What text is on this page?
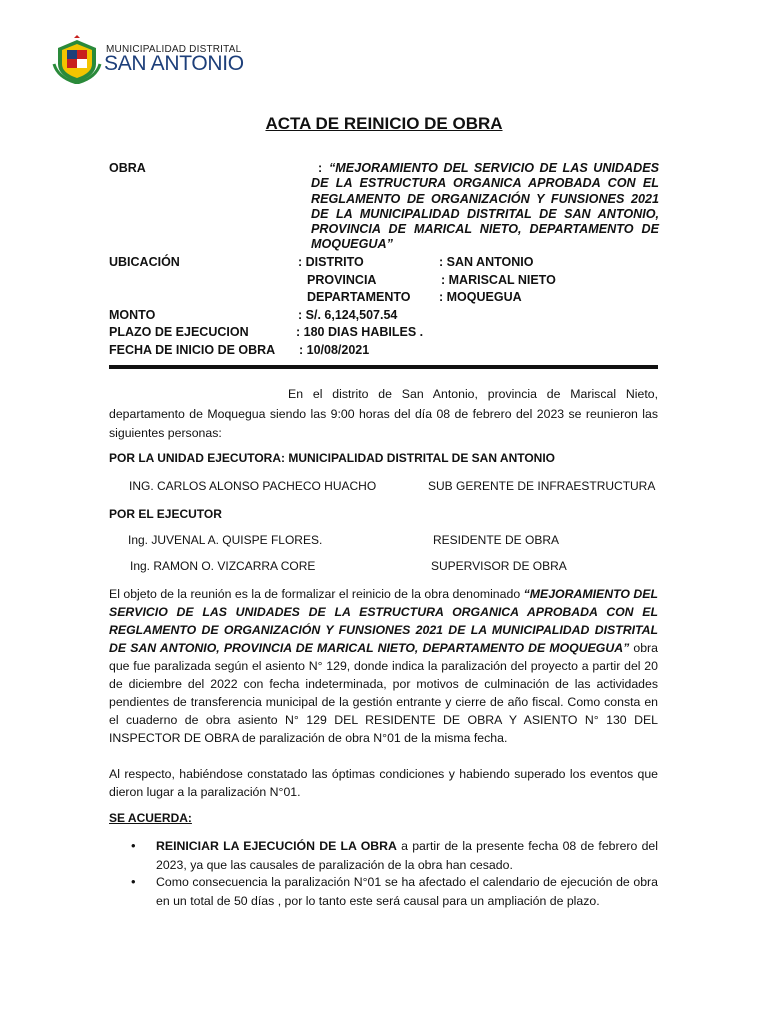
MUNICIPALIDAD DISTRITAL
SAN ANTONIO
ACTA DE REINICIO DE OBRA
OBRA	: “MEJORAMIENTO DEL SERVICIO DE LAS UNIDADES DE LA ESTRUCTURA ORGANICA APROBADA CON EL REGLAMENTO DE ORGANIZACIÓN Y FUNSIONES 2021 DE LA MUNICIPALIDAD DISTRITAL DE SAN ANTONIO, PROVINCIA DE MARICAL NIETO, DEPARTAMENTO DE MOQUEGUA”
UBICACIÓN	: DISTRITO	: SAN ANTONIO
PROVINCIA	: MARISCAL NIETO
DEPARTAMENTO : MOQUEGUA
MONTO	: S/. 6,124,507.54
PLAZO DE EJECUCION	: 180 DIAS HABILES .
FECHA DE INICIO DE OBRA : 10/08/2021
En el distrito de San Antonio, provincia de Mariscal Nieto,
departamento de Moquegua siendo las 9:00 horas del día 08 de febrero del 2023 se reunieron las siguientes personas:
POR LA UNIDAD EJECUTORA: MUNICIPALIDAD DISTRITAL DE SAN ANTONIO
ING. CARLOS ALONSO PACHECO HUACHO	SUB GERENTE DE INFRAESTRUCTURA
POR EL EJECUTOR
Ing. JUVENAL A. QUISPE FLORES.	RESIDENTE DE OBRA
Ing. RAMON O. VIZCARRA CORE	SUPERVISOR DE OBRA
El objeto de la reunión es la de formalizar el reinicio de la obra denominado “MEJORAMIENTO DEL SERVICIO DE LAS UNIDADES DE LA ESTRUCTURA ORGANICA APROBADA CON EL REGLAMENTO DE ORGANIZACIÓN Y FUNSIONES 2021 DE LA MUNICIPALIDAD DISTRITAL DE SAN ANTONIO, PROVINCIA DE MARICAL NIETO, DEPARTAMENTO DE MOQUEGUA” obra que fue paralizada según el asiento N° 129, donde indica la paralización del proyecto a partir del 20 de diciembre del 2022 con fecha indeterminada, por motivos de culminación de las actividades pendientes de transferencia municipal de la gestión entrante y cierre de año fiscal. Como consta en el cuaderno de obra asiento N° 129 DEL RESIDENTE DE OBRA Y ASIENTO N° 130 DEL INSPECTOR DE OBRA de paralización de obra N°01 de la misma fecha.
Al respecto, habiéndose constatado las óptimas condiciones y habiendo superado los eventos que dieron lugar a la paralización N°01.
SE ACUERDA:
• REINICIAR LA EJECUCIÓN DE LA OBRA a partir de la presente fecha 08 de febrero del 2023, ya que las causales de paralización de la obra han cesado.
• Como consecuencia la paralización N°01 se ha afectado el calendario de ejecución de obra en un total de 50 días , por lo tanto este será causal para un ampliación de plazo.
